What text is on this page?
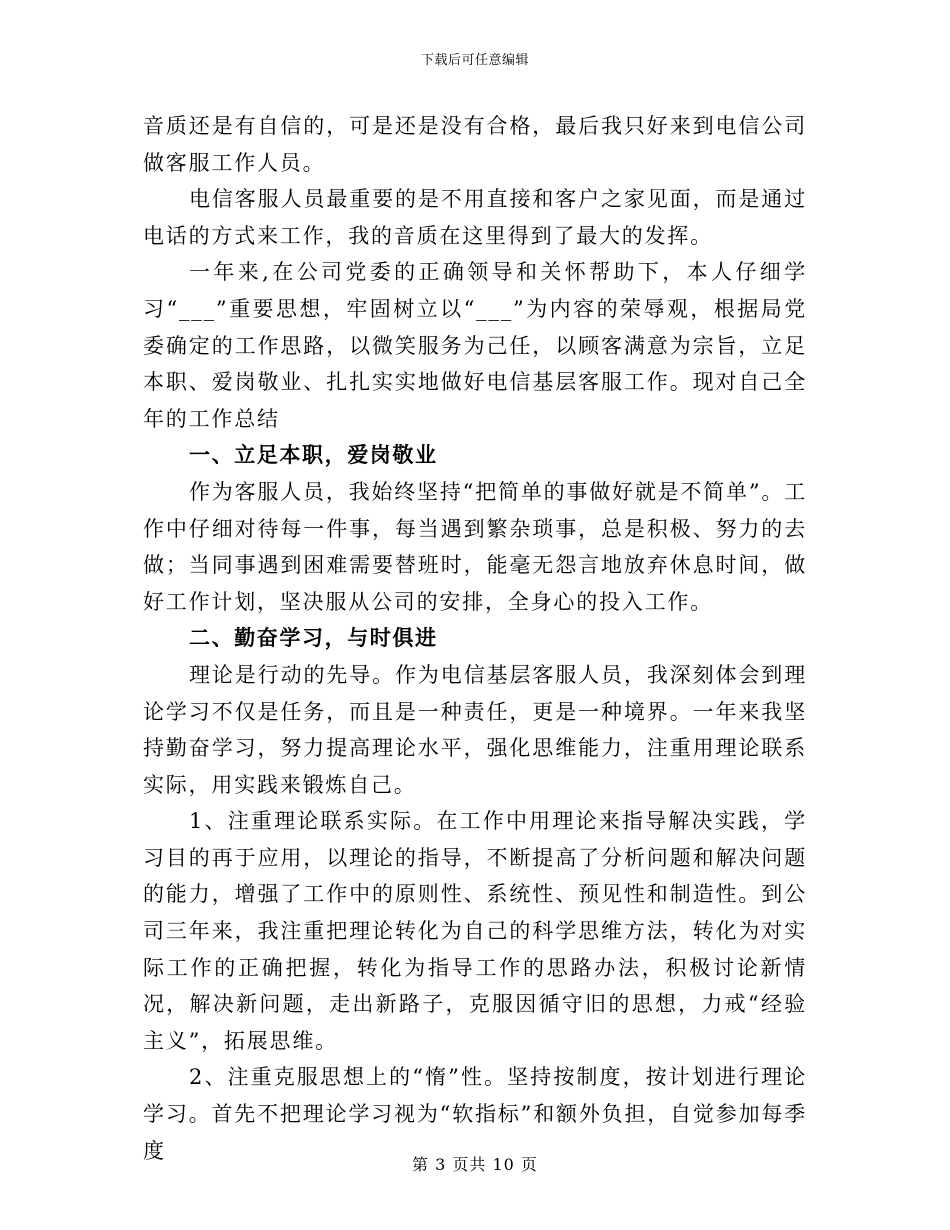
下载后可任意编辑

音质还是有自信的，可是还是没有合格，最后我只好来到电信公司做客服工作人员。

电信客服人员最重要的是不用直接和客户之家见面，而是通过电话的方式来工作，我的音质在这里得到了最大的发挥。

一年来,在公司党委的正确领导和关怀帮助下，本人仔细学习“___”重要思想，牢固树立以“___”为内容的荣辱观，根据局党委确定的工作思路，以微笑服务为己任，以顾客满意为宗旨，立足本职、爱岗敬业、扎扎实实地做好电信基层客服工作。现对自己全年的工作总结

一、立足本职，爱岗敬业

作为客服人员，我始终坚持“把简单的事做好就是不简单”。工作中仔细对待每一件事，每当遇到繁杂琐事，总是积极、努力的去做；当同事遇到困难需要替班时，能毫无怨言地放弃休息时间，做好工作计划，坚决服从公司的安排，全身心的投入工作。

二、勤奋学习，与时俱进

理论是行动的先导。作为电信基层客服人员，我深刻体会到理论学习不仅是任务，而且是一种责任，更是一种境界。一年来我坚持勤奋学习，努力提高理论水平，强化思维能力，注重用理论联系实际，用实践来锻炼自己。

1、注重理论联系实际。在工作中用理论来指导解决实践，学习目的再于应用，以理论的指导，不断提高了分析问题和解决问题的能力，增强了工作中的原则性、系统性、预见性和制造性。到公司三年来，我注重把理论转化为自己的科学思维方法，转化为对实际工作的正确把握，转化为指导工作的思路办法，积极讨论新情况，解决新问题，走出新路子，克服因循守旧的思想，力戒“经验主义”，拓展思维。

2、注重克服思想上的“惰”性。坚持按制度，按计划进行理论学习。首先不把理论学习视为“软指标”和额外负担，自觉参加每季度

第 3 页共 10 页
